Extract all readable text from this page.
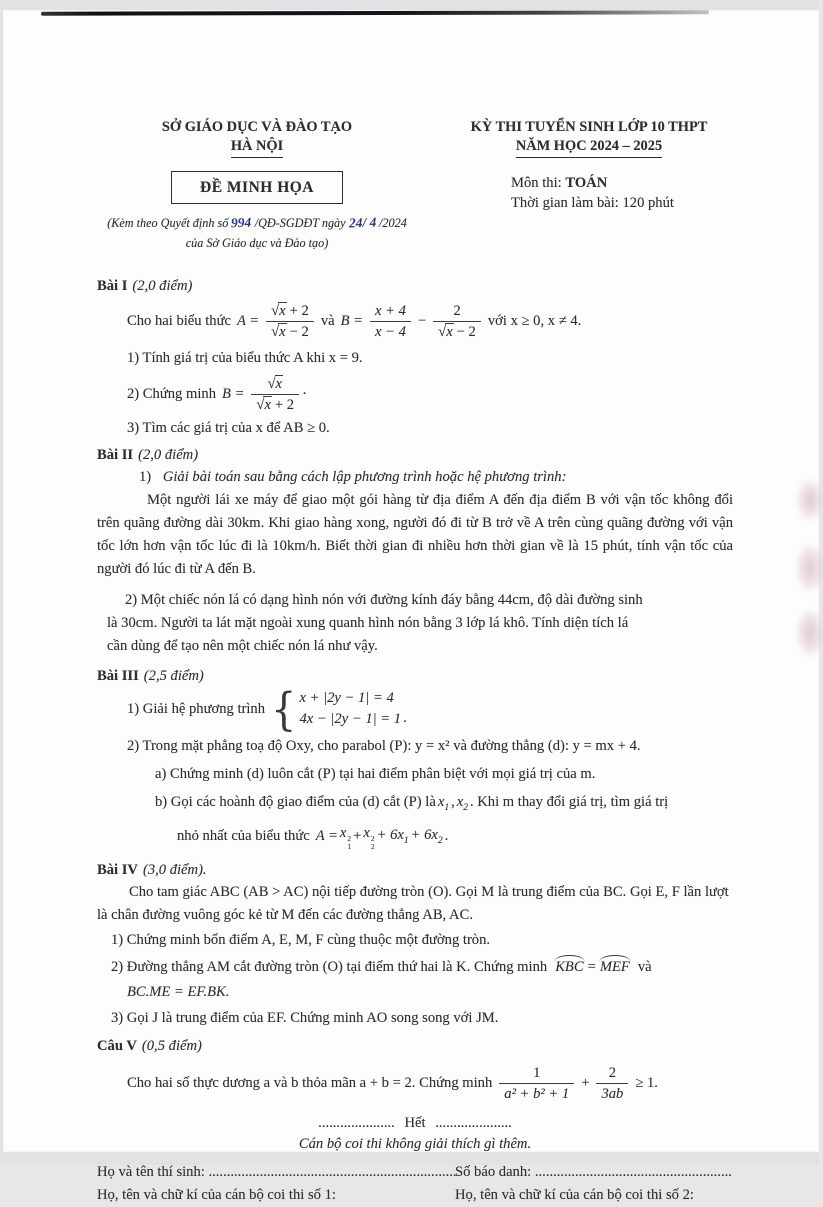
SỞ GIÁO DỤC VÀ ĐÀO TẠO
HÀ NỘI
ĐỀ MINH HỌA
(Kèm theo Quyết định số 994 /QĐ-SGDĐT ngày 24/ 4 /2024
của Sở Giáo dục và Đào tạo)
KỲ THI TUYỂN SINH LỚP 10 THPT
NĂM HỌC 2024 – 2025
Môn thi: TOÁN
Thời gian làm bài: 120 phút
Bài I (2,0 điểm)
Cho hai biểu thức $A = \frac{√x + 2}{√x - 2}$ và $B = \frac{x + 4}{x - 4} - \frac{2}{√x - 2}$ với x ≥ 0, x ≠ 4.
1) Tính giá trị của biểu thức A khi x = 9.
2) Chứng minh $B = \frac{√x}{√x + 2}$ ·
3) Tìm các giá trị của x để AB ≥ 0.
Bài II (2,0 điểm)
1) Giải bài toán sau bằng cách lập phương trình hoặc hệ phương trình:
Một người lái xe máy để giao một gói hàng từ địa điểm A đến địa điểm B với vận tốc không đổi trên quãng đường dài 30km. Khi giao hàng xong, người đó đi từ B trở về A trên cùng quãng đường với vận tốc lớn hơn vận tốc lúc đi là 10km/h. Biết thời gian đi nhiều hơn thời gian về là 15 phút, tính vận tốc của người đó lúc đi từ A đến B.
2) Một chiếc nón lá có dạng hình nón với đường kính đáy bằng 44cm, độ dài đường sinh là 30cm. Người ta lát mặt ngoài xung quanh hình nón bằng 3 lớp lá khô. Tính diện tích lá cần dùng để tạo nên một chiếc nón lá như vậy.
Bài III (2,5 điểm)
1) Giải hệ phương trình { x + |2y − 1| = 4
4x − |2y − 1| = 1 .
2) Trong mặt phẳng toạ độ Oxy, cho parabol (P): y = x² và đường thẳng (d): y = mx + 4.
a) Chứng minh (d) luôn cắt (P) tại hai điểm phân biệt với mọi giá trị của m.
b) Gọi các hoành độ giao điểm của (d) cắt (P) là $x_1$ , $x_2$ . Khi m thay đổi giá trị, tìm giá trị
nhỏ nhất của biểu thức A = x 2
1
+ x 2
2
+ $6x_1 + 6x_2$ .
Bài IV (3,0 điểm).
Cho tam giác ABC (AB > AC) nội tiếp đường tròn (O). Gọi M là trung điểm của BC. Gọi E, F lần lượt là chân đường vuông góc kẻ từ M đến các đường thẳng AB, AC.
1) Chứng minh bốn điểm A, E, M, F cùng thuộc một đường tròn.
2) Đường thẳng AM cắt đường tròn (O) tại điểm thứ hai là K. Chứng minh KBC = MEF và
BC.ME = EF.BK.
3) Gọi J là trung điểm của EF. Chứng minh AO song song với JM.
Câu V (0,5 điểm)
Cho hai số thực dương a và b thỏa mãn a + b = 2. Chứng minh $\frac{1}{\text{a² + b² + 1}} + \frac{2}{3ab} \ge 1$.
..................... Hết .....................
Cán bộ coi thi không giải thích gì thêm.
Họ và tên thí sinh: ....................................................................
Số báo danh: ......................................................
Họ, tên và chữ kí của cán bộ coi thi số 1:	Họ, tên và chữ kí của cán bộ coi thi số 2:
